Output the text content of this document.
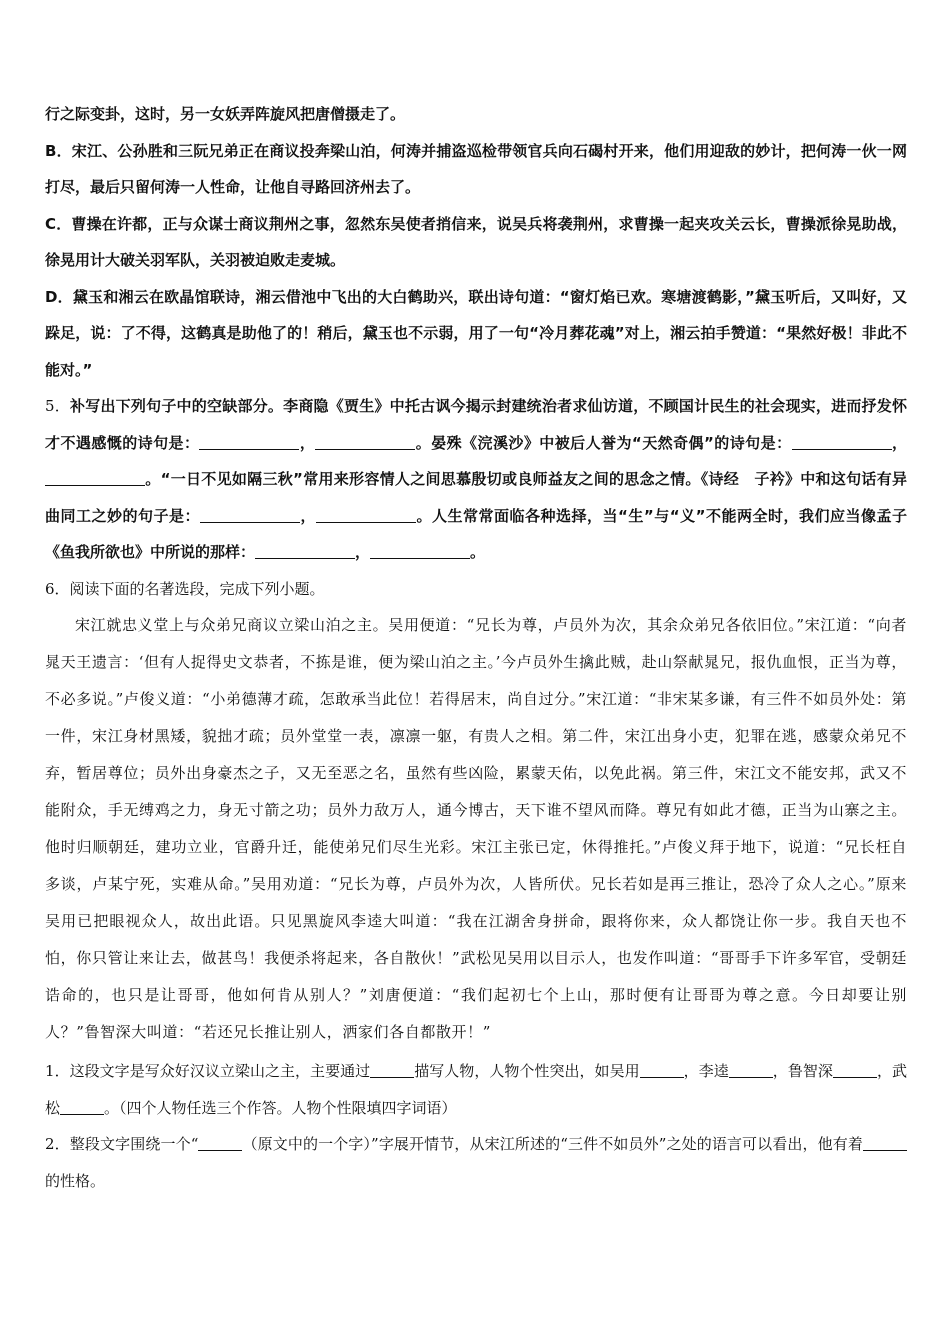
行之际变卦，这时，另一女妖弄阵旋风把唐僧摄走了。

B．宋江、公孙胜和三阮兄弟正在商议投奔梁山泊，何涛并捕盗巡检带领官兵向石碣村开来，他们用迎敌的妙计，把何涛一伙一网打尽，最后只留何涛一人性命，让他自寻路回济州去了。

C．曹操在许都，正与众谋士商议荆州之事，忽然东吴使者捎信来，说吴兵将袭荆州，求曹操一起夹攻关云长，曹操派徐晃助战，徐晃用计大破关羽军队，关羽被迫败走麦城。

D．黛玉和湘云在欧晶馆联诗，湘云借池中飞出的大白鹤助兴，联出诗句道：“窗灯焰已欢。寒塘渡鹤影，”黛玉听后，又叫好，又跺足，说：了不得，这鹤真是助他了的！稍后，黛玉也不示弱，用了一句“冷月葬花魂”对上，湘云拍手赞道：“果然好极！非此不能对。”

5．补写出下列句子中的空缺部分。李商隐《贾生》中托古讽今揭示封建统治者求仙访道，不顾国计民生的社会现实，进而抒发怀才不遇感慨的诗句是：	，	。晏殊《浣溪沙》中被后人誉为“天然奇偶”的诗句是：	，。“一日不见如隔三秋”常用来形容情人之间思慕殷切或良师益友之间的思念之情。《诗经　子衿》中和这句话有异曲同工之妙的句子是：	，	。人生常常面临各种选择，当“生”与“义”不能两全时，我们应当像孟子《鱼我所欲也》中所说的那样：	，	。

6．阅读下面的名著选段，完成下列小题。

宋江就忠义堂上与众弟兄商议立梁山泊之主。吴用便道：“兄长为尊，卢员外为次，其余众弟兄各依旧位。”宋江道：“向者晁天王遗言：‘但有人捉得史文恭者，不拣是谁，便为梁山泊之主。’今卢员外生擒此贼，赴山祭献晁兄，报仇血恨，正当为尊，不必多说。”卢俊义道：“小弟德薄才疏，怎敢承当此位！若得居末，尚自过分。”宋江道：“非宋某多谦，有三件不如员外处：第一件，宋江身材黑矮，貌拙才疏；员外堂堂一表，凛凛一躯，有贵人之相。第二件，宋江出身小吏，犯罪在逃，感蒙众弟兄不弃，暂居尊位；员外出身豪杰之子，又无至恶之名，虽然有些凶险，累蒙天佑，以免此祸。第三件，宋江文不能安邦，武又不能附众，手无缚鸡之力，身无寸箭之功；员外力敌万人，通今博古，天下谁不望风而降。尊兄有如此才德，正当为山寨之主。他时归顺朝廷，建功立业，官爵升迁，能使弟兄们尽生光彩。宋江主张已定，休得推托。”卢俊义拜于地下，说道：“兄长枉自多谈，卢某宁死，实难从命。”吴用劝道：“兄长为尊，卢员外为次，人皆所伏。兄长若如是再三推让，恐冷了众人之心。”原来吴用已把眼视众人，故出此语。只见黑旋风李逵大叫道：“我在江湖舍身拼命，跟将你来，众人都饶让你一步。我自天也不怕，你只管让来让去，做甚鸟！我便杀将起来，各自散伙！”武松见吴用以目示人，也发作叫道：“哥哥手下许多军官，受朝廷诰命的，也只是让哥哥，他如何肯从别人？”刘唐便道：“我们起初七个上山，那时便有让哥哥为尊之意。今日却要让别人？”鲁智深大叫道：“若还兄长推让别人，洒家们各自都散开！”

1．这段文字是写众好汉议立梁山之主，主要通过	描写人物，人物个性突出，如吴用	，李逵	，鲁智深	，武松	。（四个人物任选三个作答。人物个性限填四字词语）

2．整段文字围绕一个“	（原文中的一个字）”字展开情节，从宋江所述的“三件不如员外”之处的语言可以看出，他有着的性格。
